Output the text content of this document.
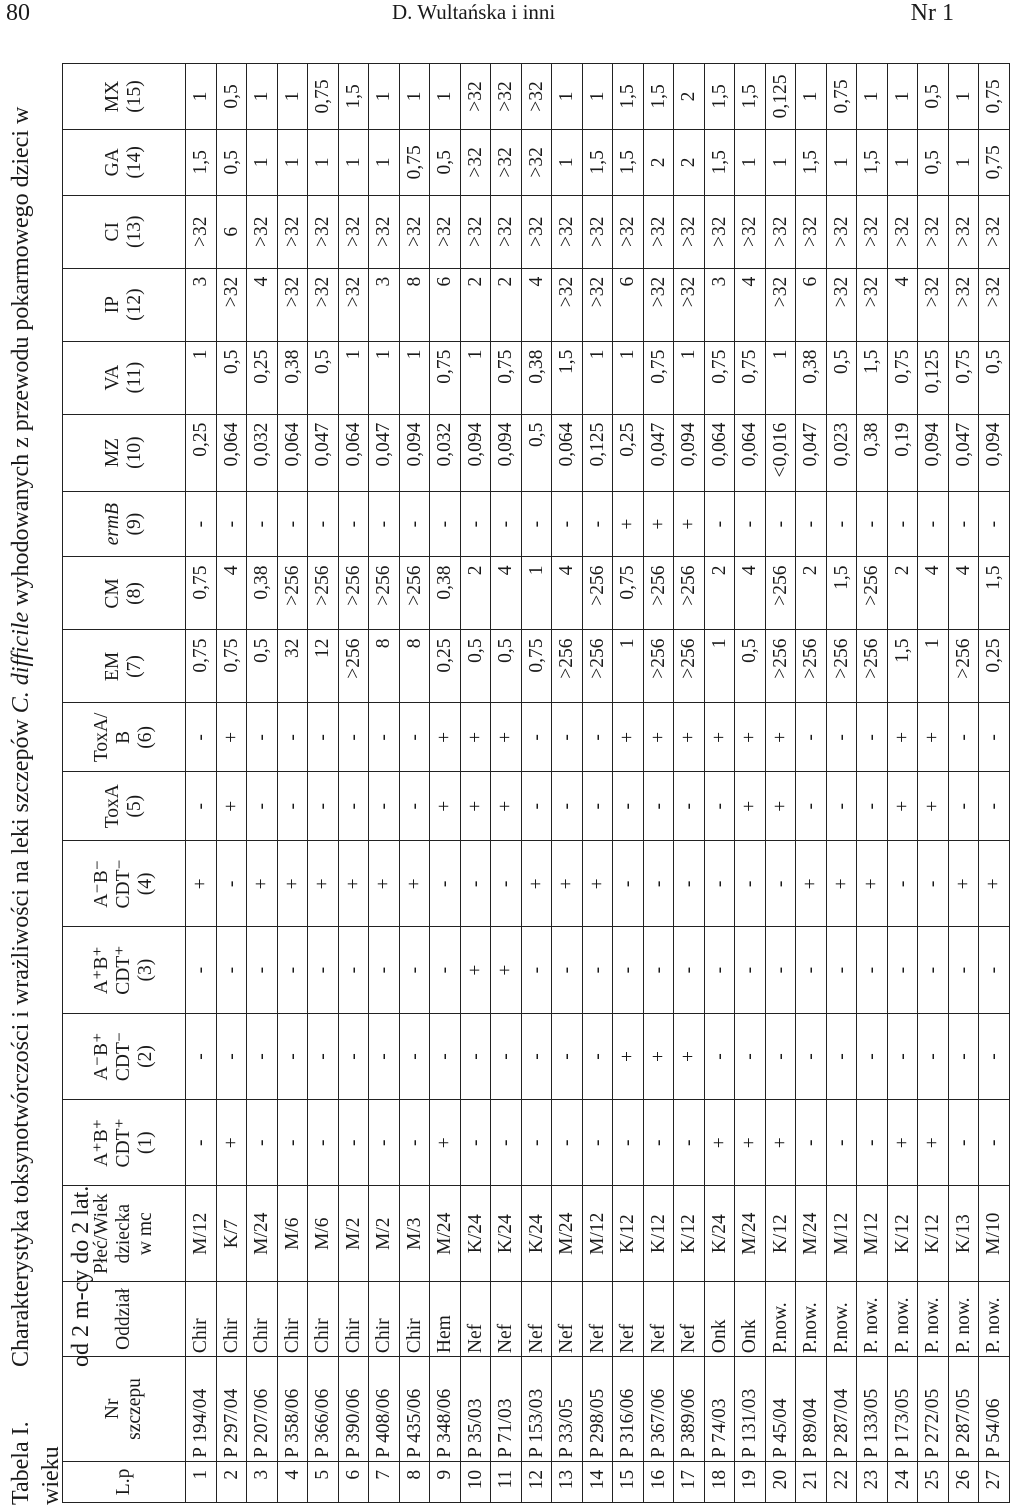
80	D. Wultańska i inni	Nr 1
Tabela I.Charakterystyka toksynotwórczości i wrażliwości na leki szczepów C. difficile wyhodowanych z przewodu pokarmowego dzieci w wieku
od 2 m-cy do 2 lat.
L.p	Nr szczepu	Oddział	Płeć/Wiek dziecka w mc	A⁺B⁺ CDT⁺ (1)	A⁻B⁺ CDT⁻ (2)	A⁺B⁺ CDT⁺ (3)	A⁻B⁻ CDT⁻ (4)	ToxA (5)	ToxA/ B (6)	EM (7)	CM (8)	ermB (9)	MZ (10)	VA (11)	IP (12)	CI (13)	GA (14)	MX (15)

1	P 194/04	Chir	M/12	-	-	-	+	-	-	0,75	0,75	-	0,25	1	3	>32	1,5	1
2	P 297/04	Chir	K/7	+	-	-	-	+	+	0,75	4	-	0,064	0,5	>32	6	0,5	0,5
3	P 207/06	Chir	M/24	-	-	-	+	-	-	0,5	0,38	-	0,032	0,25	4	>32	1	1
4	P 358/06	Chir	M/6	-	-	-	+	-	-	32	>256	-	0,064	0,38	>32	>32	1	1
5	P 366/06	Chir	M/6	-	-	-	+	-	-	12	>256	-	0,047	0,5	>32	>32	1	0,75
6	P 390/06	Chir	M/2	-	-	-	+	-	-	>256	>256	-	0,064	1	>32	>32	1	1,5
7	P 408/06	Chir	M/2	-	-	-	+	-	-	8	>256	-	0,047	1	3	>32	1	1
8	P 435/06	Chir	M/3	-	-	-	+	-	-	8	>256	-	0,094	1	8	>32	0,75	1
9	P 348/06	Hem	M/24	+	-	-	-	+	+	0,25	0,38	-	0,032	0,75	6	>32	0,5	1
10	P 35/03	Nef	K/24	-	-	+	-	+	+	0,5	2	-	0,094	1	2	>32	>32	>32
11	P 71/03	Nef	K/24	-	-	+	-	+	+	0,5	4	-	0,094	0,75	2	>32	>32	>32
12	P 153/03	Nef	K/24	-	-	-	+	-	-	0,75	1	-	0,5	0,38	4	>32	>32	>32
13	P 33/05	Nef	M/24	-	-	-	+	-	-	>256	4	-	0,064	1,5	>32	>32	1	1
14	P 298/05	Nef	M/12	-	-	-	+	-	-	>256	>256	-	0,125	1	>32	>32	1,5	1
15	P 316/06	Nef	K/12	-	+	-	-	-	+	1	0,75	+	0,25	1	6	>32	1,5	1,5
16	P 367/06	Nef	K/12	-	+	-	-	-	+	>256	>256	+	0,047	0,75	>32	>32	2	1,5
17	P 389/06	Nef	K/12	-	+	-	-	-	+	>256	>256	+	0,094	1	>32	>32	2	2
18	P 74/03	Onk	K/24	+	-	-	-	-	+	1	2	-	0,064	0,75	3	>32	1,5	1,5
19	P 131/03	Onk	M/24	+	-	-	-	+	+	0,5	4	-	0,064	0,75	4	>32	1	1,5
20	P 45/04	P.now.	K/12	+	-	-	-	+	+	>256	>256	-	<0,016	1	>32	>32	1	0,125
21	P 89/04	P.now.	M/24	-	-	-	+	-	-	>256	2	-	0,047	0,38	6	>32	1,5	1
22	P 287/04	P.now.	M/12	-	-	-	+	-	-	>256	1,5	-	0,023	0,5	>32	>32	1	0,75
23	P 133/05	P. now.	M/12	-	-	-	+	-	-	>256	>256	-	0,38	1,5	>32	>32	1,5	1
24	P 173/05	P. now.	K/12	+	-	-	-	+	+	1,5	2	-	0,19	0,75	4	>32	1	1
25	P 272/05	P. now.	K/12	+	-	-	-	+	+	1	4	-	0,094	0,125	>32	>32	0,5	0,5
26	P 287/05	P. now.	K/13	-	-	-	+	-	-	>256	4	-	0,047	0,75	>32	>32	1	1
27	P 54/06	P. now.	M/10	-	-	-	+	-	-	0,25	1,5	-	0,094	0,5	>32	>32	0,75	0,75
